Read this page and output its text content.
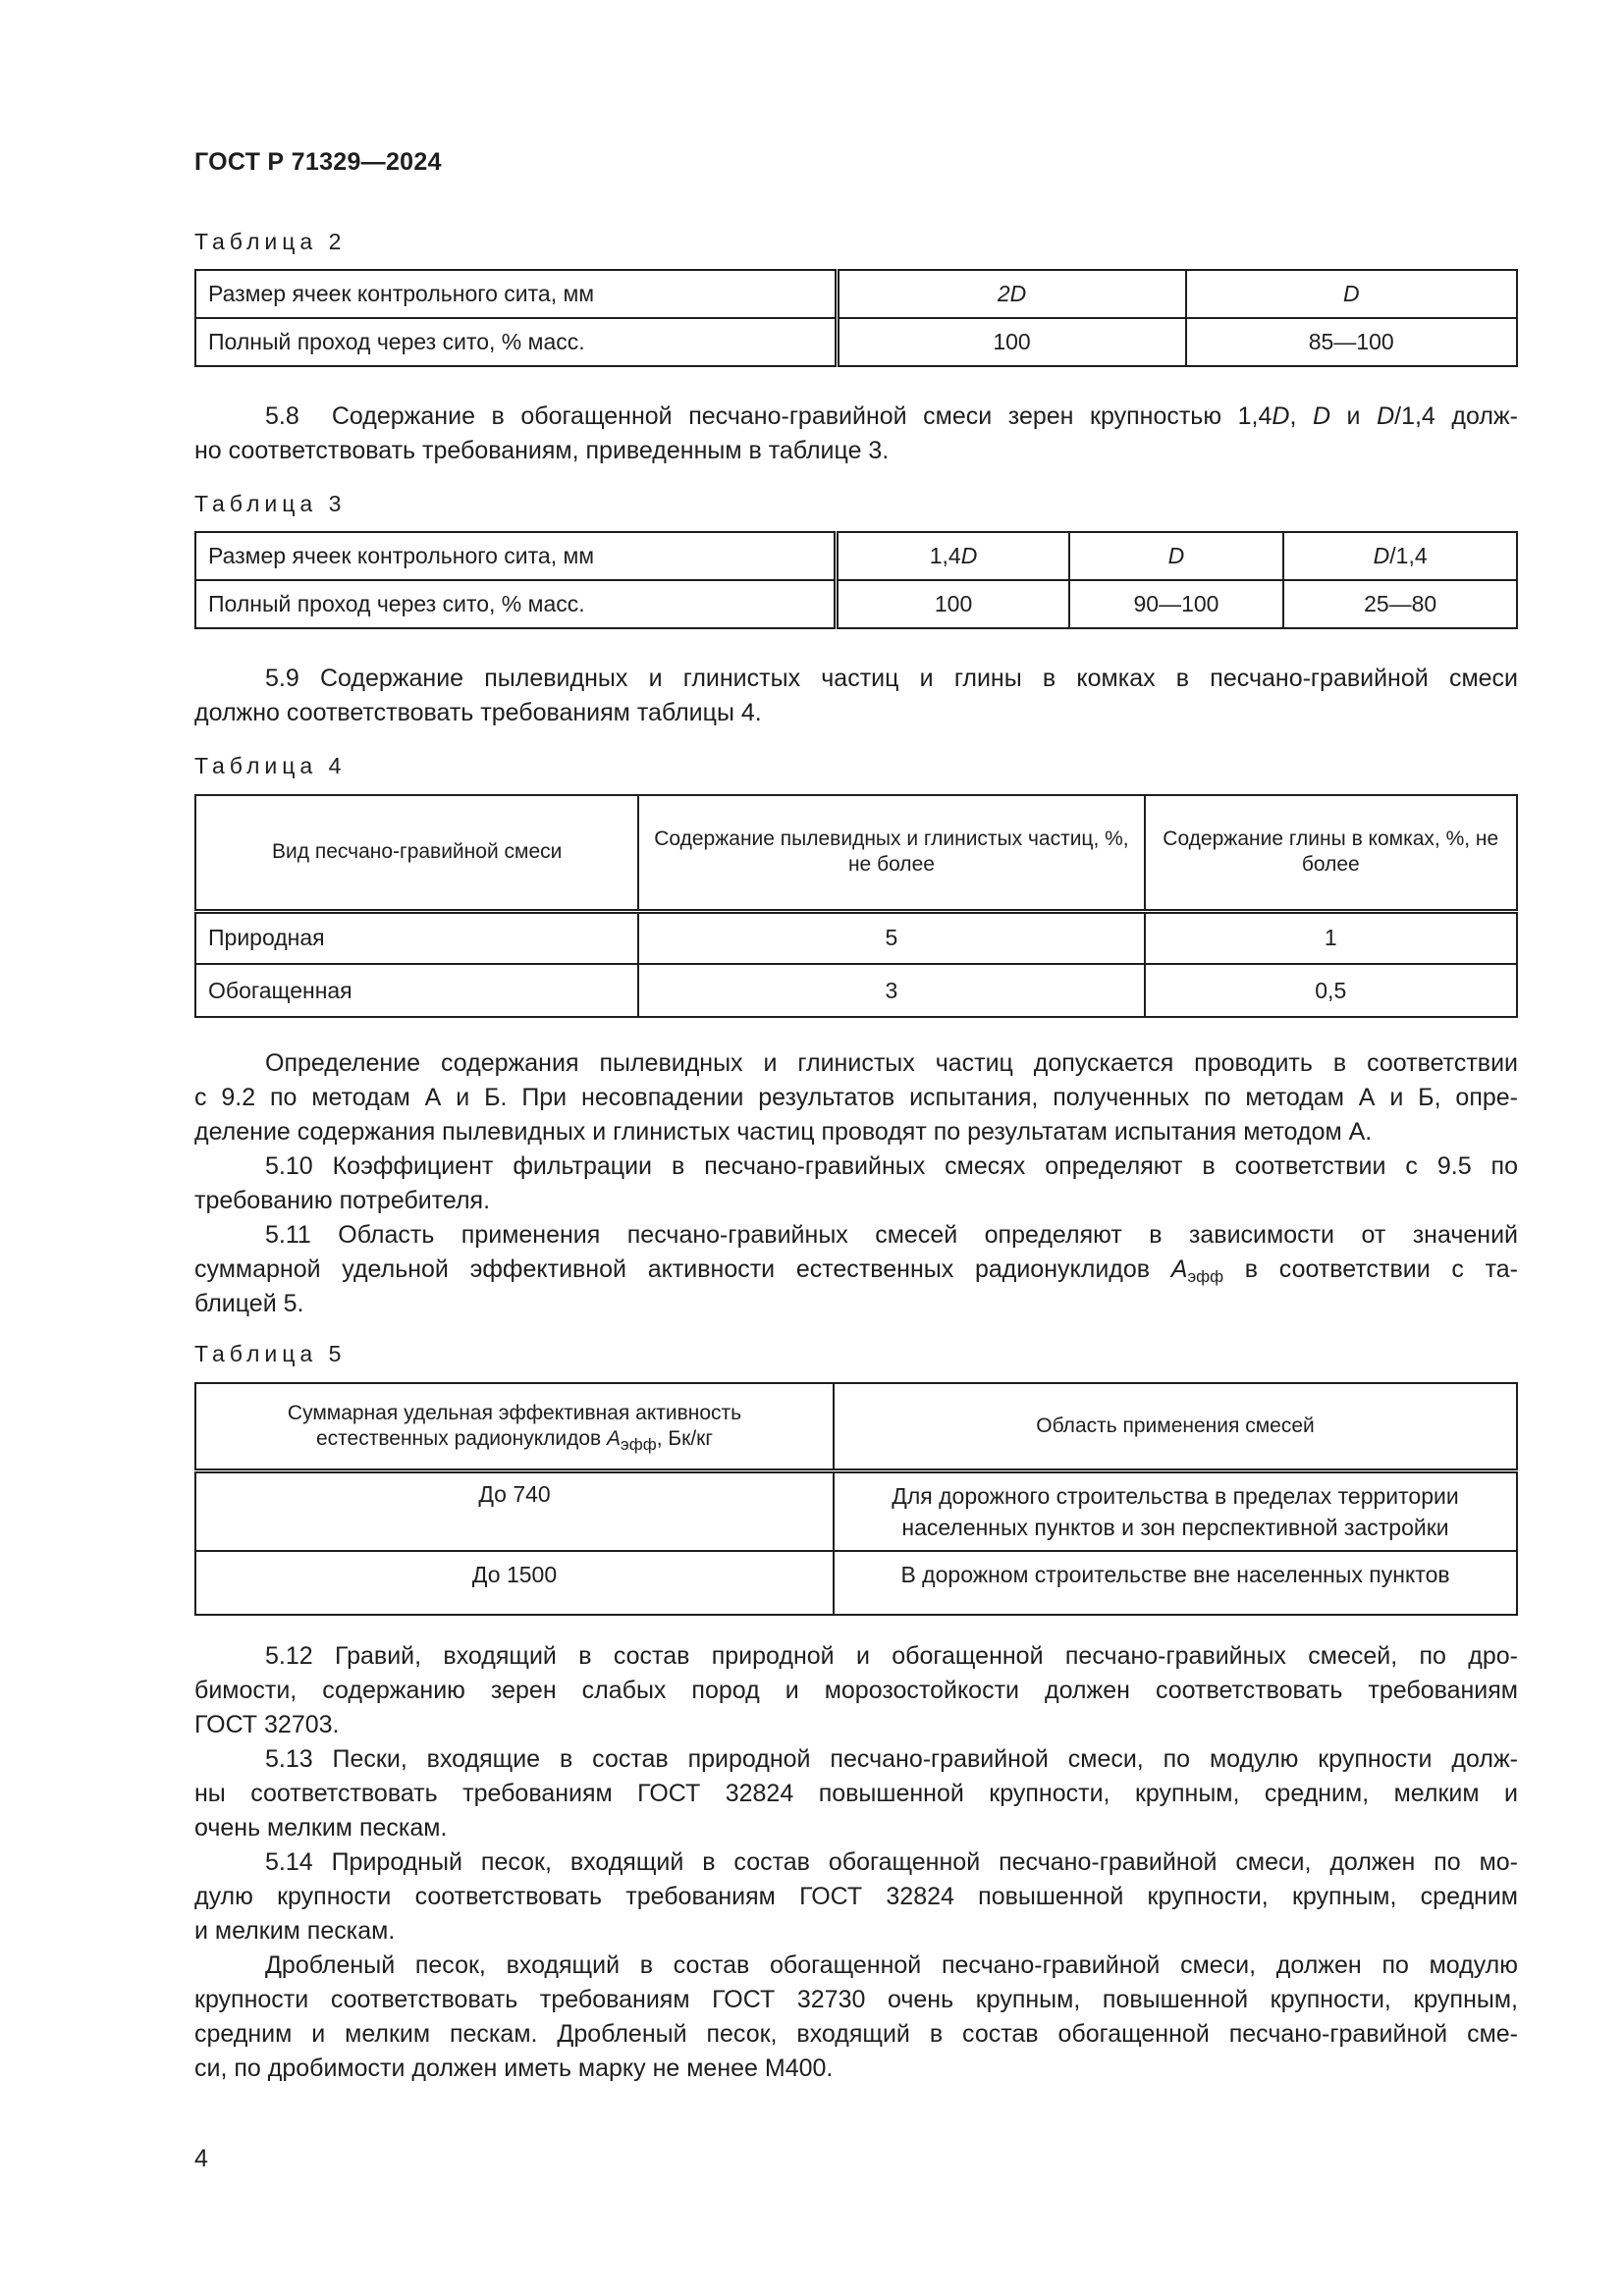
ГОСТ Р 71329—2024
Таблица 2
Размер ячеек контрольного сита, мм	2D	D
Полный проход через сито, % масс.	100	85—100
5.8 Содержание в обогащенной песчано-гравийной смеси зерен крупностью 1,4D, D и D/1,4 долж-
но соответствовать требованиям, приведенным в таблице 3.
Таблица 3
Размер ячеек контрольного сита, мм	1,4D	D	D/1,4
Полный проход через сито, % масс.	100	90—100	25—80
5.9 Содержание пылевидных и глинистых частиц и глины в комках в песчано-гравийной смеси
должно соответствовать требованиям таблицы 4.
Таблица 4
Вид песчано-гравийной смеси	Содержание пылевидных и глинистых частиц, %, не более	Содержание глины в комках, %, не более
Природная	5	1
Обогащенная	3	0,5
Определение содержания пылевидных и глинистых частиц допускается проводить в соответствии
с 9.2 по методам А и Б. При несовпадении результатов испытания, полученных по методам А и Б, опре-
деление содержания пылевидных и глинистых частиц проводят по результатам испытания методом А.
5.10 Коэффициент фильтрации в песчано-гравийных смесях определяют в соответствии с 9.5 по
требованию потребителя.
5.11 Область применения песчано-гравийных смесей определяют в зависимости от значений
суммарной удельной эффективной активности естественных радионуклидов $A_{эфф}$ в соответствии с та-
блицей 5.
Таблица 5
Суммарная удельная эффективная активность
естественных радионуклидов $A_{эфф}$, Бк/кг	Область применения смесей
До 740	Для дорожного строительства в пределах территории
населенных пунктов и зон перспективной застройки
До 1500	В дорожном строительстве вне населенных пунктов
5.12 Гравий, входящий в состав природной и обогащенной песчано-гравийных смесей, по дро-
бимости, содержанию зерен слабых пород и морозостойкости должен соответствовать требованиям
ГОСТ 32703.
5.13 Пески, входящие в состав природной песчано-гравийной смеси, по модулю крупности долж-
ны соответствовать требованиям ГОСТ 32824 повышенной крупности, крупным, средним, мелким и
очень мелким пескам.
5.14 Природный песок, входящий в состав обогащенной песчано-гравийной смеси, должен по мо-
дулю крупности соответствовать требованиям ГОСТ 32824 повышенной крупности, крупным, средним
и мелким пескам.
Дробленый песок, входящий в состав обогащенной песчано-гравийной смеси, должен по модулю
крупности соответствовать требованиям ГОСТ 32730 очень крупным, повышенной крупности, крупным,
средним и мелким пескам. Дробленый песок, входящий в состав обогащенной песчано-гравийной сме-
си, по дробимости должен иметь марку не менее М400.
4
